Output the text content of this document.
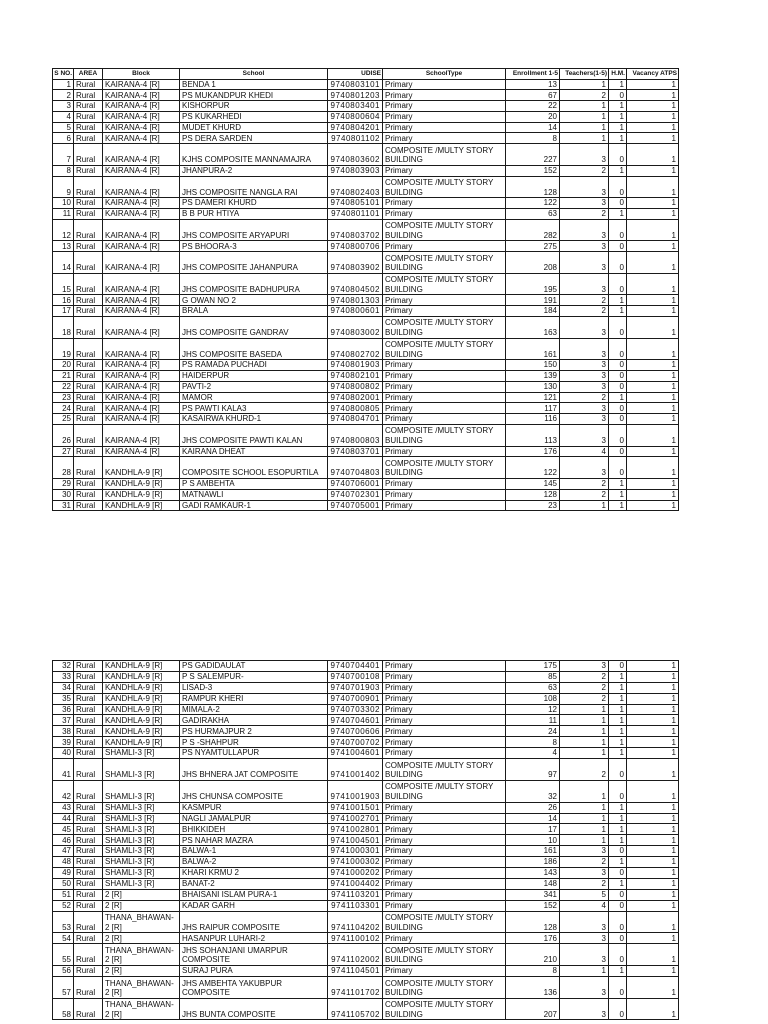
S NO.	AREA	Block	School	UDISE	SchoolType	Enrollment 1-5	Teachers(1-5) H.M.	Vacancy ATPS
1 Rural	KAIRANA-4 [R]	BENDA 1	9740803101 Primary	13	1	1	1
2 Rural	KAIRANA-4 [R]	PS MUKANDPUR KHEDI	9740801203 Primary	67	2	0	1
3 Rural	KAIRANA-4 [R]	KISHORPUR	9740803401 Primary	22	1	1	1
4 Rural	KAIRANA-4 [R]	PS KUKARHEDI	9740800604 Primary	20	1	1	1
5 Rural	KAIRANA-4 [R]	MUDET KHURD	9740804201 Primary	14	1	1	1
6 Rural	KAIRANA-4 [R]	PS DERA SARDEN	9740801102 Primary	8	1	1	1
7 Rural	KAIRANA-4 [R]	KJHS COMPOSITE MANNAMAJRA	9740803602
COMPOSITE /MULTY STORY
BUILDING	227	3	0	1
8 Rural	KAIRANA-4 [R]	JHANPURA-2	9740803903 Primary	152	2	1	1
9 Rural	KAIRANA-4 [R]	JHS COMPOSITE NANGLA RAI	9740802403
COMPOSITE /MULTY STORY
BUILDING	128	3	0	1
10 Rural	KAIRANA-4 [R]	PS DAMERI KHURD	9740805101 Primary	122	3	0	1
11 Rural	KAIRANA-4 [R]	B B PUR HTIYA	9740801101 Primary	63	2	1	1
12 Rural	KAIRANA-4 [R]	JHS COMPOSITE ARYAPURI	9740803702
COMPOSITE /MULTY STORY
BUILDING	282	3	0	1
13 Rural	KAIRANA-4 [R]	PS BHOORA-3	9740800706 Primary	275	3	0	1
14 Rural	KAIRANA-4 [R]	JHS COMPOSITE JAHANPURA	9740803902
COMPOSITE /MULTY STORY
BUILDING	208	3	0	1
15 Rural	KAIRANA-4 [R]	JHS COMPOSITE BADHUPURA	9740804502
COMPOSITE /MULTY STORY
BUILDING	195	3	0	1
16 Rural	KAIRANA-4 [R]	G OWAN NO 2	9740801303 Primary	191	2	1	1
17 Rural	KAIRANA-4 [R]	BRALA	9740800601 Primary	184	2	1	1
18 Rural	KAIRANA-4 [R]	JHS COMPOSITE GANDRAV	9740803002
COMPOSITE /MULTY STORY
BUILDING	163	3	0	1
19 Rural	KAIRANA-4 [R]	JHS COMPOSITE BASEDA	9740802702
COMPOSITE /MULTY STORY
BUILDING	161	3	0	1
20 Rural	KAIRANA-4 [R]	PS RAMADA PUCHADI	9740801903 Primary	150	3	0	1
21 Rural	KAIRANA-4 [R]	HAIDERPUR	9740802101 Primary	139	3	0	1
22 Rural	KAIRANA-4 [R]	PAVTI-2	9740800802 Primary	130	3	0	1
23 Rural	KAIRANA-4 [R]	MAMOR	9740802001 Primary	121	2	1	1
24 Rural	KAIRANA-4 [R]	PS PAWTI KALA3	9740800805 Primary	117	3	0	1
25 Rural	KAIRANA-4 [R]	KASAIRWA KHURD-1	9740804701 Primary	116	3	0	1
26 Rural	KAIRANA-4 [R]	JHS COMPOSITE PAWTI KALAN	9740800803
COMPOSITE /MULTY STORY
BUILDING	113	3	0	1
27 Rural	KAIRANA-4 [R]	KAIRANA DHEAT	9740803701 Primary	176	4	0	1
28 Rural	KANDHLA-9 [R]	COMPOSITE SCHOOL ESOPURTILA	9740704803
COMPOSITE /MULTY STORY
BUILDING	122	3	0	1
29 Rural	KANDHLA-9 [R]	P S AMBEHTA	9740706001 Primary	145	2	1	1
30 Rural	KANDHLA-9 [R]	MATNAWLI	9740702301 Primary	128	2	1	1
31 Rural	KANDHLA-9 [R]	GADI RAMKAUR-1	9740705001 Primary	23	1	1	1
32 Rural	KANDHLA-9 [R]	PS GADIDAULAT	9740704401 Primary	175	3	0	1
33 Rural	KANDHLA-9 [R]	P S SALEMPUR-	9740700108 Primary	85	2	1	1
34 Rural	KANDHLA-9 [R]	LISAD-3	9740701903 Primary	63	2	1	1
35 Rural	KANDHLA-9 [R]	RAMPUR KHERI	9740700901 Primary	108	2	1	1
36 Rural	KANDHLA-9 [R]	MIMALA-2	9740703302 Primary	12	1	1	1
37 Rural	KANDHLA-9 [R]	GADIRAKHA	9740704601 Primary	11	1	1	1
38 Rural	KANDHLA-9 [R]	PS HURMAJPUR 2	9740700606 Primary	24	1	1	1
39 Rural	KANDHLA-9 [R]	P S -SHAHPUR	9740700702 Primary	8	1	1	1
40 Rural	SHAMLI-3 [R]	PS NYAMTULLAPUR	9741004601 Primary	4	1	1	1
41 Rural	SHAMLI-3 [R]	JHS BHNERA JAT COMPOSITE	9741001402
COMPOSITE /MULTY STORY
BUILDING	97	2	0	1
42 Rural	SHAMLI-3 [R]	JHS CHUNSA COMPOSITE	9741001903
COMPOSITE /MULTY STORY
BUILDING	32	1	0	1
43 Rural	SHAMLI-3 [R]	KASMPUR	9741001501 Primary	26	1	1	1
44 Rural	SHAMLI-3 [R]	NAGLI JAMALPUR	9741002701 Primary	14	1	1	1
45 Rural	SHAMLI-3 [R]	BHIKKIDEH	9741002801 Primary	17	1	1	1
46 Rural	SHAMLI-3 [R]	PS NAHAR MAZRA	9741004501 Primary	10	1	1	1
47 Rural	SHAMLI-3 [R]	BALWA-1	9741000301 Primary	161	3	0	1
48 Rural	SHAMLI-3 [R]	BALWA-2	9741000302 Primary	186	2	1	1
49 Rural	SHAMLI-3 [R]	KHARI KRMU 2	9741000202 Primary	143	3	0	1
50 Rural	SHAMLI-3 [R]	BANAT-2	9741004402 Primary	148	2	1	1
51 Rural	2 [R]	BHAISANI ISLAM PURA-1	9741103201 Primary	341	5	0	1
52 Rural	2 [R]	KADAR GARH	9741103301 Primary	152	4	0	1
53 Rural
THANA_BHAWAN-
2 [R]	JHS RAIPUR COMPOSITE	9741104202
COMPOSITE /MULTY STORY
BUILDING	128	3	0	1
54 Rural	2 [R]	HASANPUR LUHARI-2	9741100102 Primary	176	3	0	1
55 Rural
THANA_BHAWAN-
2 [R]
JHS SOHANJANI UMARPUR
COMPOSITE	9741102002
COMPOSITE /MULTY STORY
BUILDING	210	3	0	1
56 Rural	2 [R]	SURAJ PURA	9741104501 Primary	8	1	1	1
57 Rural
THANA_BHAWAN-
2 [R]
JHS AMBEHTA YAKUBPUR
COMPOSITE	9741101702
COMPOSITE /MULTY STORY
BUILDING	136	3	0	1
58 Rural
THANA_BHAWAN-
2 [R]	JHS BUNTA COMPOSITE	9741105702
COMPOSITE /MULTY STORY
BUILDING	207	3	0	1
